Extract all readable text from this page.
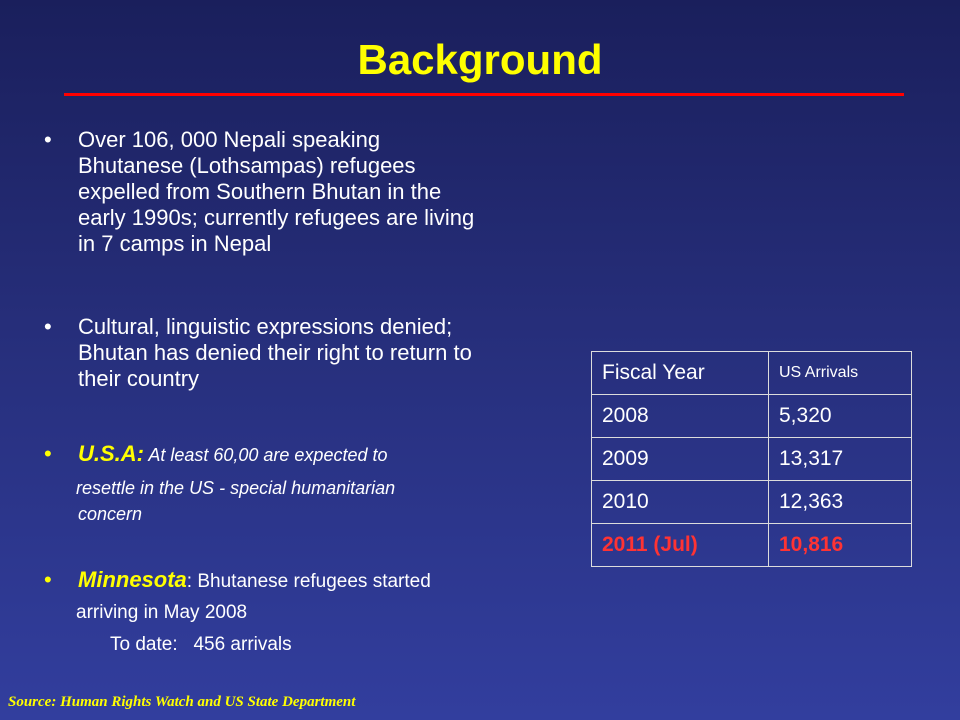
Background
• Over 106, 000 Nepali speaking
Bhutanese (Lothsampas) refugees
expelled from Southern Bhutan in the
early 1990s; currently refugees are living
in 7 camps in Nepal
• Cultural, linguistic expressions denied;
Bhutan has denied their right to return to
their country
• U.S.A: At least 60,00 are expected to
resettle in the US - special humanitarian
concern
• Minnesota: Bhutanese refugees started
arriving in May 2008
To date:   456 arrivals
Fiscal Year	US Arrivals
2008	5,320
2009	13,317
2010	12,363
2011 (Jul)	10,816
Source: Human Rights Watch and US State Department
